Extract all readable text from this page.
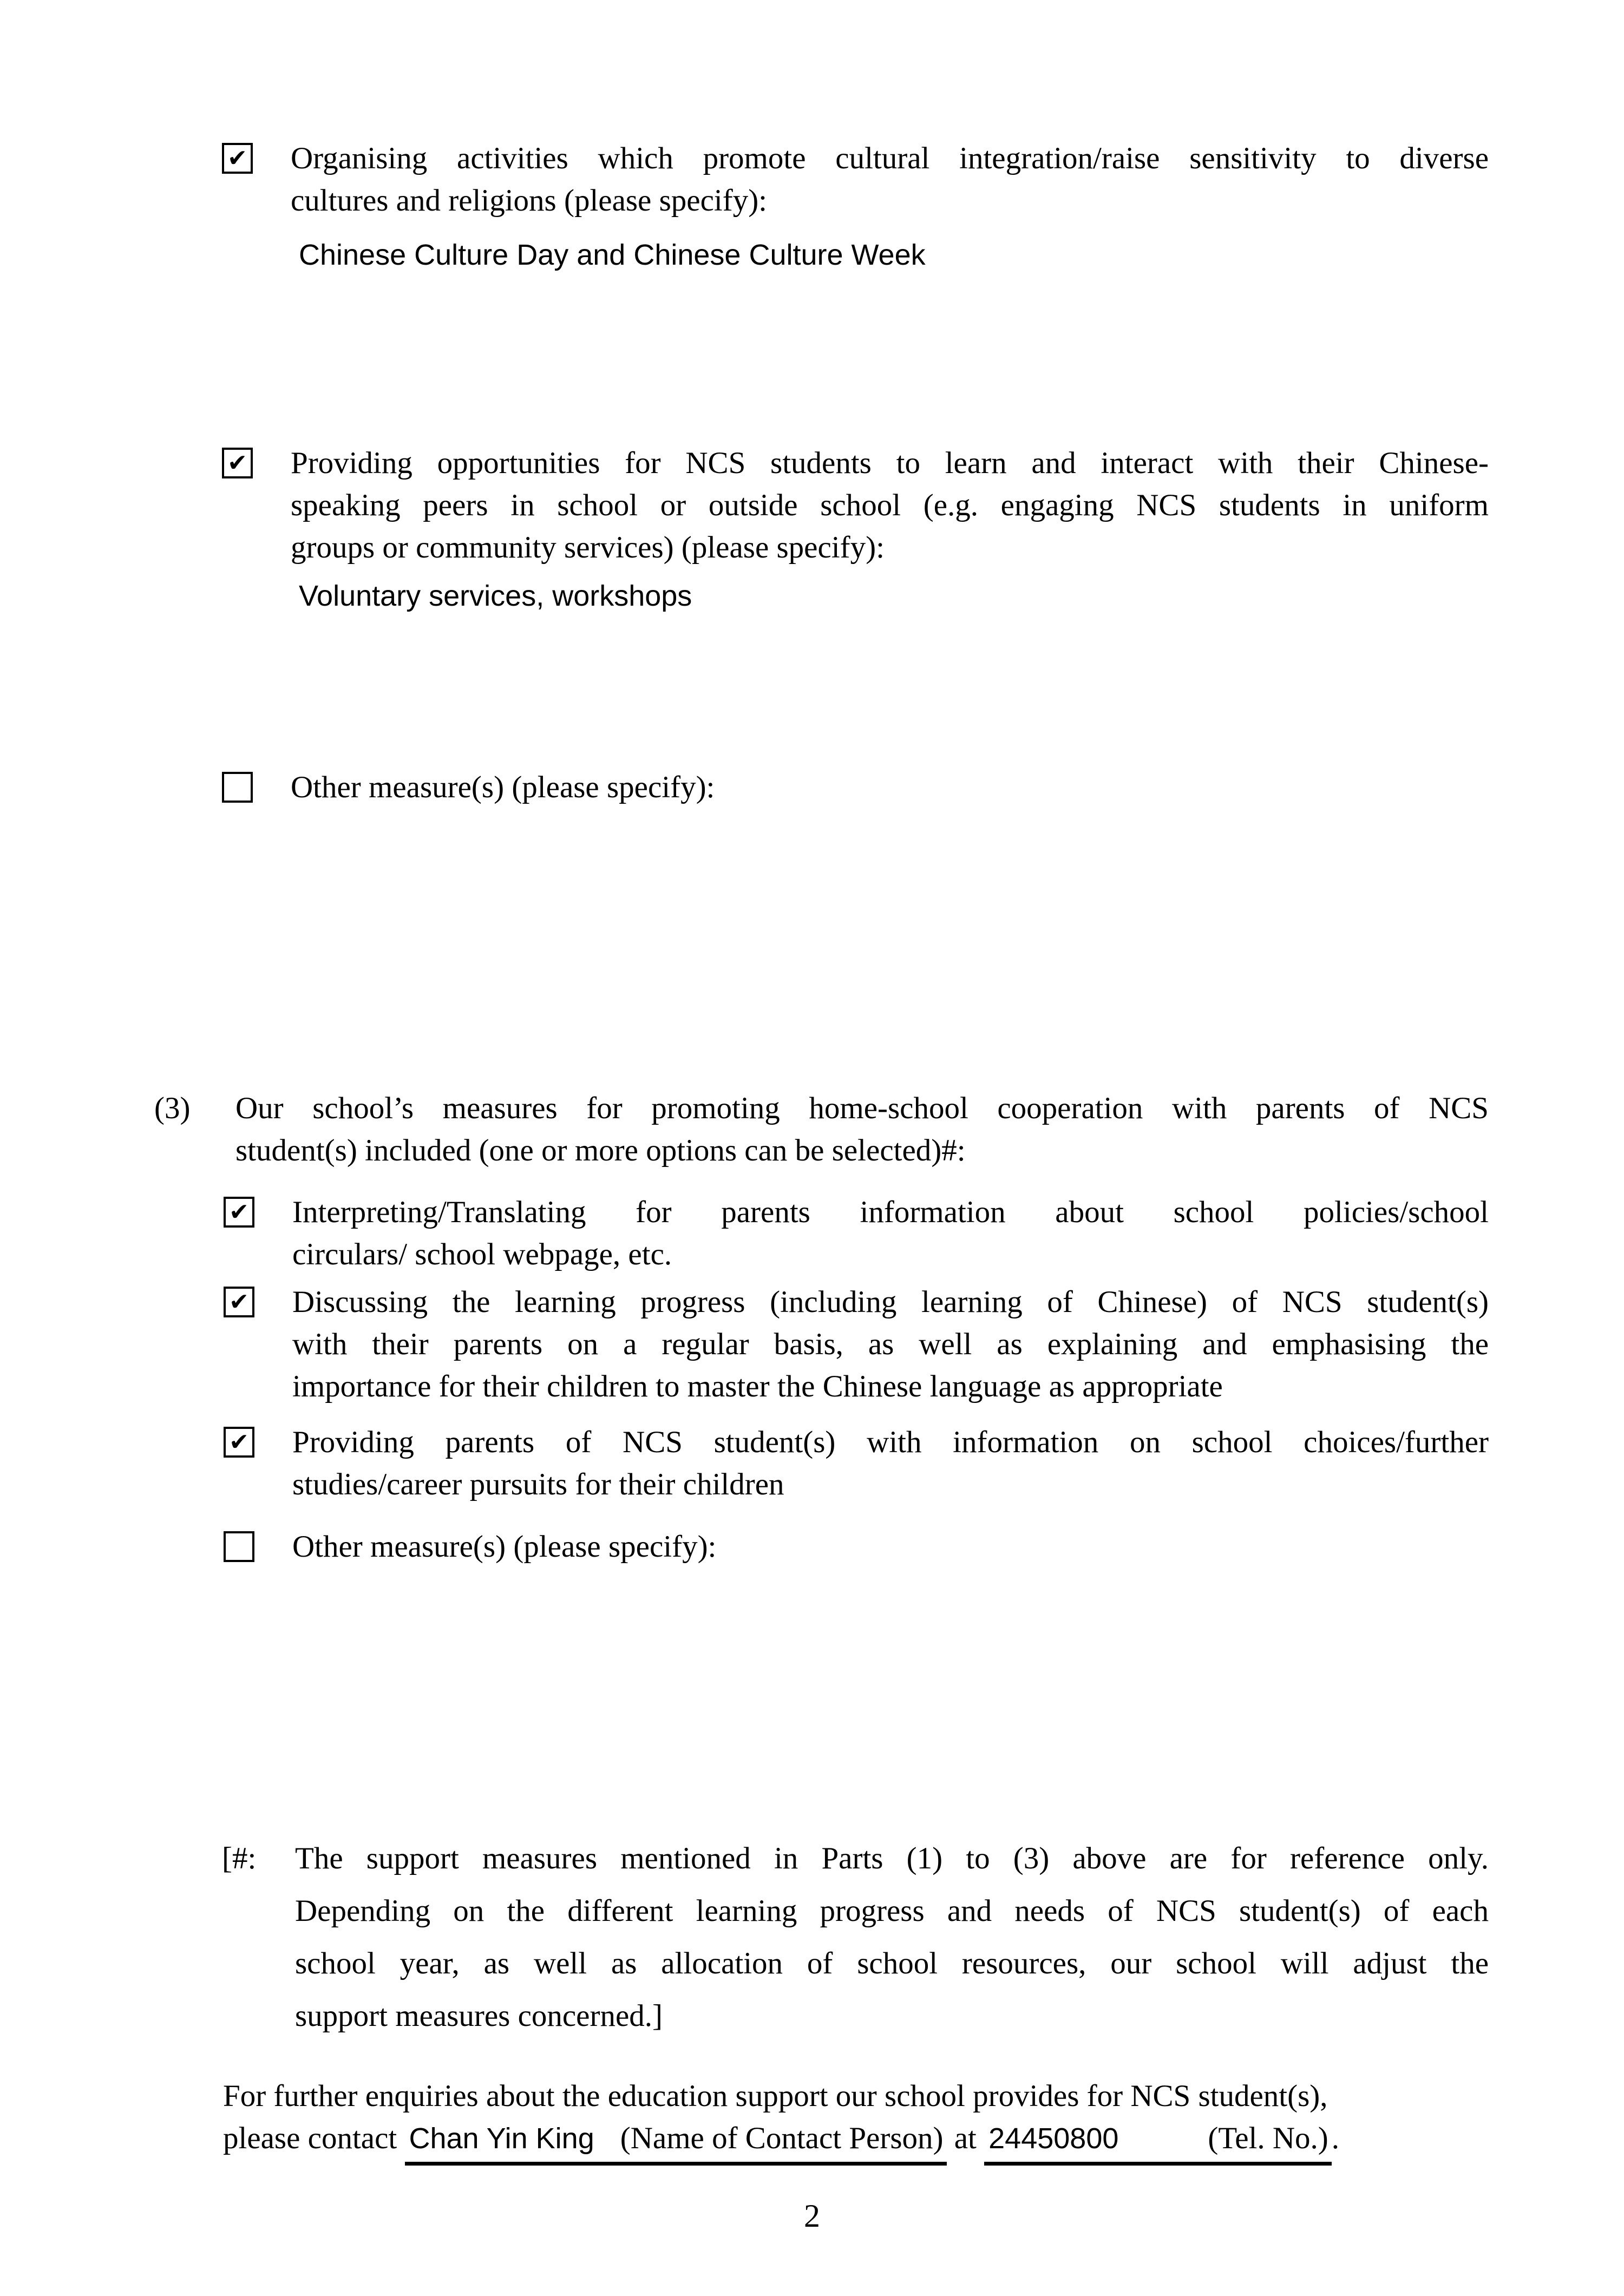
✔ Organising activities which promote cultural integration/raise sensitivity to diverse
cultures and religions (please specify):
Chinese Culture Day and Chinese Culture Week
✔ Providing opportunities for NCS students to learn and interact with their Chinese-
speaking peers in school or outside school (e.g. engaging NCS students in uniform
groups or community services) (please specify):
Voluntary services, workshops
Other measure(s) (please specify):
(3) Our school’s measures for promoting home-school cooperation with parents of NCS
student(s) included (one or more options can be selected)#:
✔ Interpreting/Translating for parents information about school policies/school
circulars/ school webpage, etc.
✔ Discussing the learning progress (including learning of Chinese) of NCS student(s)
with their parents on a regular basis, as well as explaining and emphasising the
importance for their children to master the Chinese language as appropriate
✔ Providing parents of NCS student(s) with information on school choices/further
studies/career pursuits for their children
Other measure(s) (please specify):
[#: The support measures mentioned in Parts (1) to (3) above are for reference only.
Depending on the different learning progress and needs of NCS student(s) of each
school year, as well as allocation of school resources, our school will adjust the
support measures concerned.]
For further enquiries about the education support our school provides for NCS student(s),
please contact Chan Yin King (Name of Contact Person) at 24450800	(Tel. No.) .
2
